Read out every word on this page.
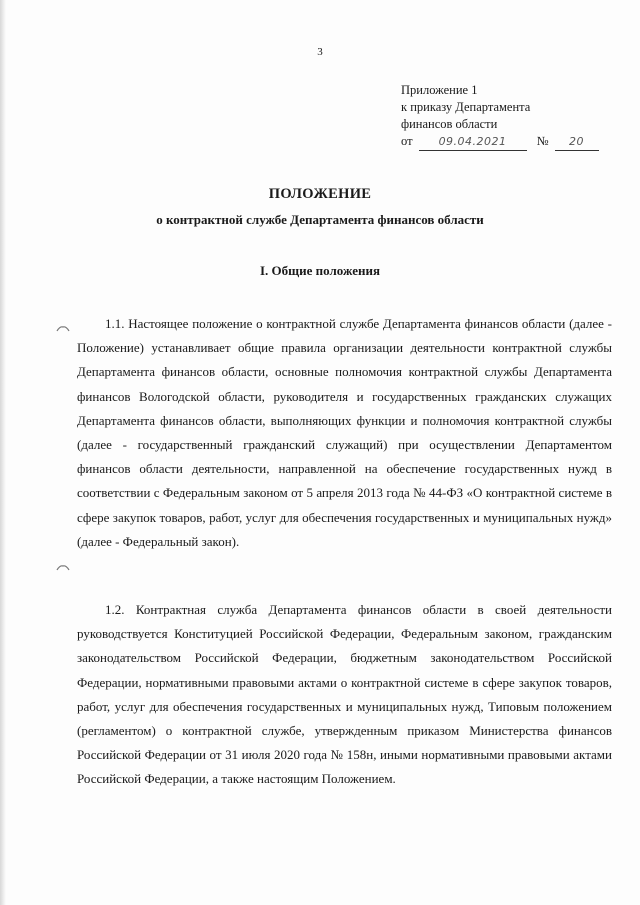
3
Приложение 1
к приказу Департамента
финансов области
от 09.04.2021 № 20
ПОЛОЖЕНИЕ
о контрактной службе Департамента финансов области
I. Общие положения

1.1. Настоящее положение о контрактной службе Департамента финансов области (далее - Положение) устанавливает общие правила организации деятельности контрактной службы Департамента финансов области, основные полномочия контрактной службы Департамента финансов Вологодской области, руководителя и государственных гражданских служащих Департамента финансов области, выполняющих функции и полномочия контрактной службы (далее - государственный гражданский служащий) при осуществлении Департаментом финансов области деятельности, направленной на обеспечение государственных нужд в соответствии с Федеральным законом от 5 апреля 2013 года № 44-ФЗ «О контрактной системе в сфере закупок товаров, работ, услуг для обеспечения государственных и муниципальных нужд» (далее - Федеральный закон).

1.2. Контрактная служба Департамента финансов области в своей деятельности руководствуется Конституцией Российской Федерации, Федеральным законом, гражданским законодательством Российской Федерации, бюджетным законодательством Российской Федерации, нормативными правовыми актами о контрактной системе в сфере закупок товаров, работ, услуг для обеспечения государственных и муниципальных нужд, Типовым положением (регламентом) о контрактной службе, утвержденным приказом Министерства финансов Российской Федерации от 31 июля 2020 года № 158н, иными нормативными правовыми актами Российской Федерации, а также настоящим Положением.
